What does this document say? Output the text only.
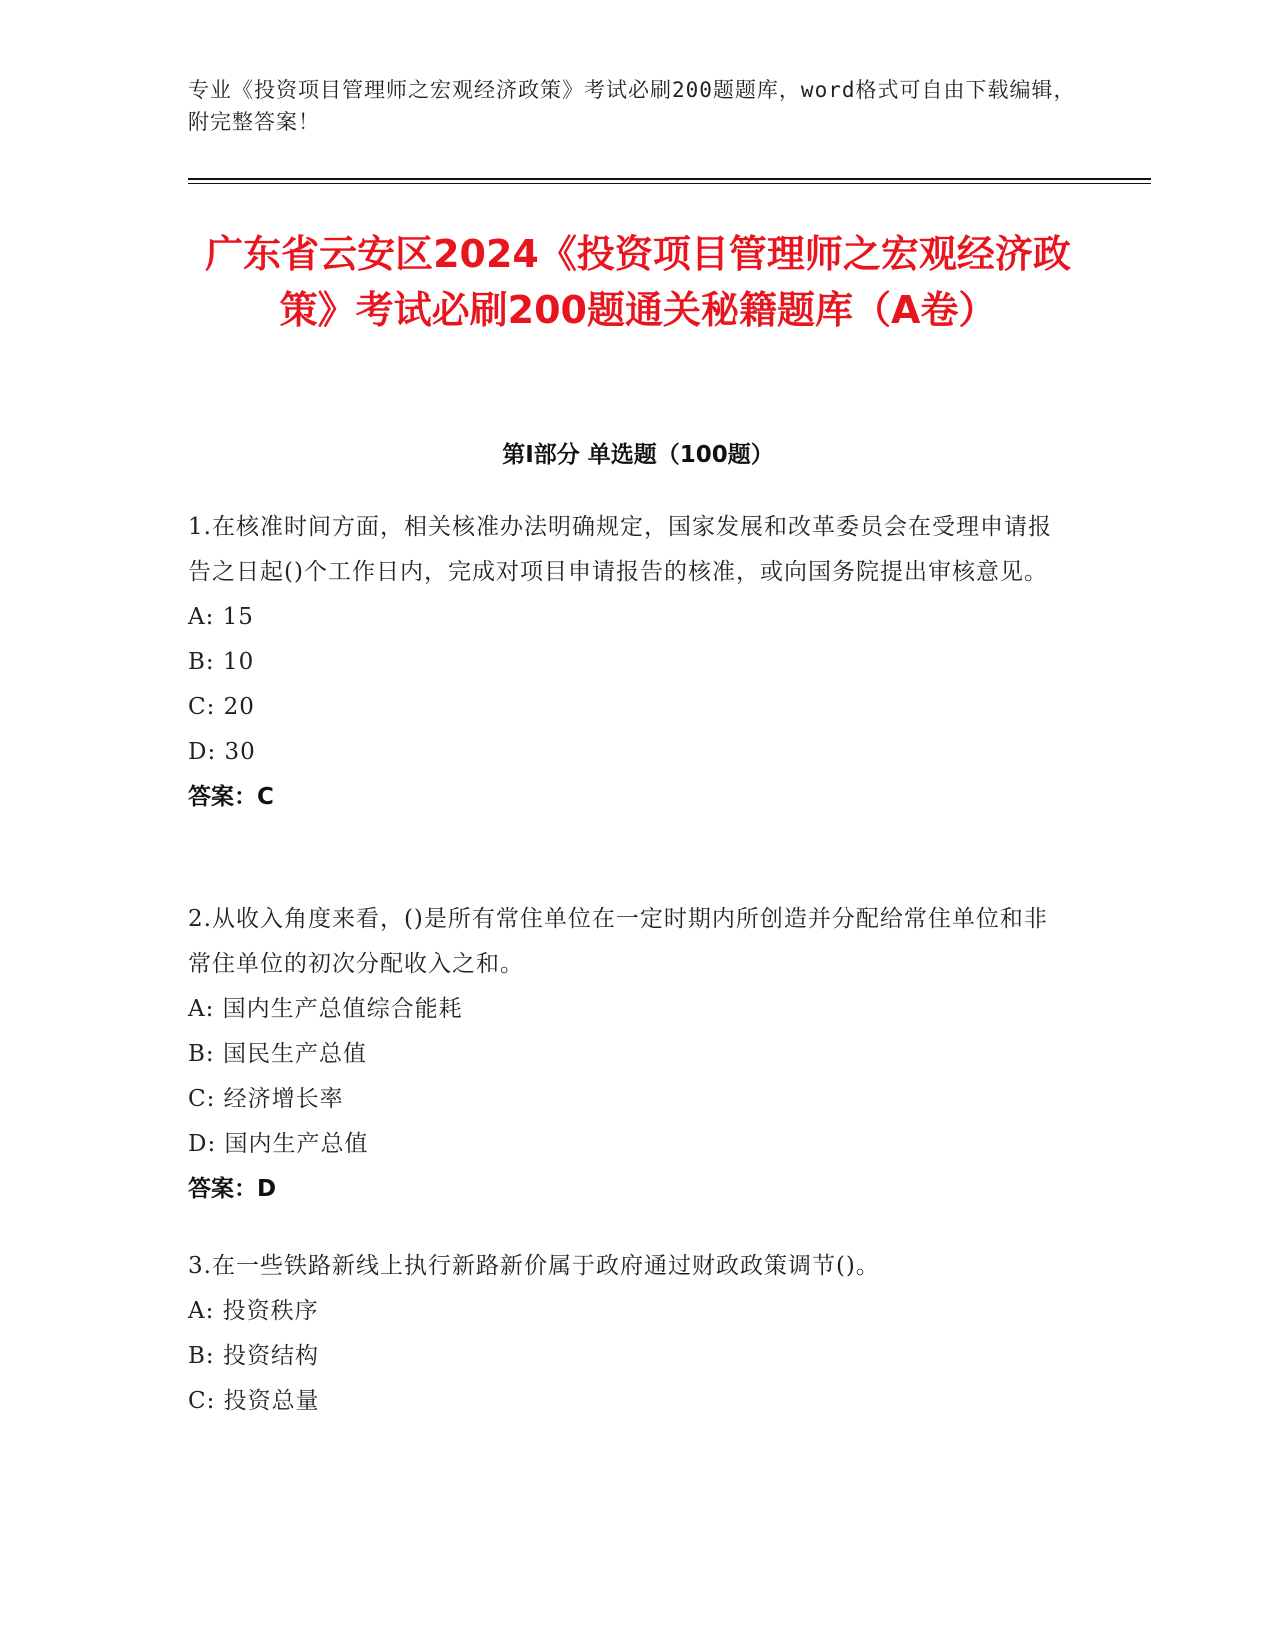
专业《投资项目管理师之宏观经济政策》考试必刷200题题库，word格式可自由下载编辑，附完整答案！
广东省云安区2024《投资项目管理师之宏观经济政策》考试必刷200题通关秘籍题库（A卷）
第Ⅰ部分 单选题（100题）
1.在核准时间方面，相关核准办法明确规定，国家发展和改革委员会在受理申请报告之日起()个工作日内，完成对项目申请报告的核准，或向国务院提出审核意见。
A: 15
B: 10
C: 20
D: 30
答案：C
2.从收入角度来看，()是所有常住单位在一定时期内所创造并分配给常住单位和非常住单位的初次分配收入之和。
A: 国内生产总值综合能耗
B: 国民生产总值
C: 经济增长率
D: 国内生产总值
答案：D
3.在一些铁路新线上执行新路新价属于政府通过财政政策调节()。
A: 投资秩序
B: 投资结构
C: 投资总量
